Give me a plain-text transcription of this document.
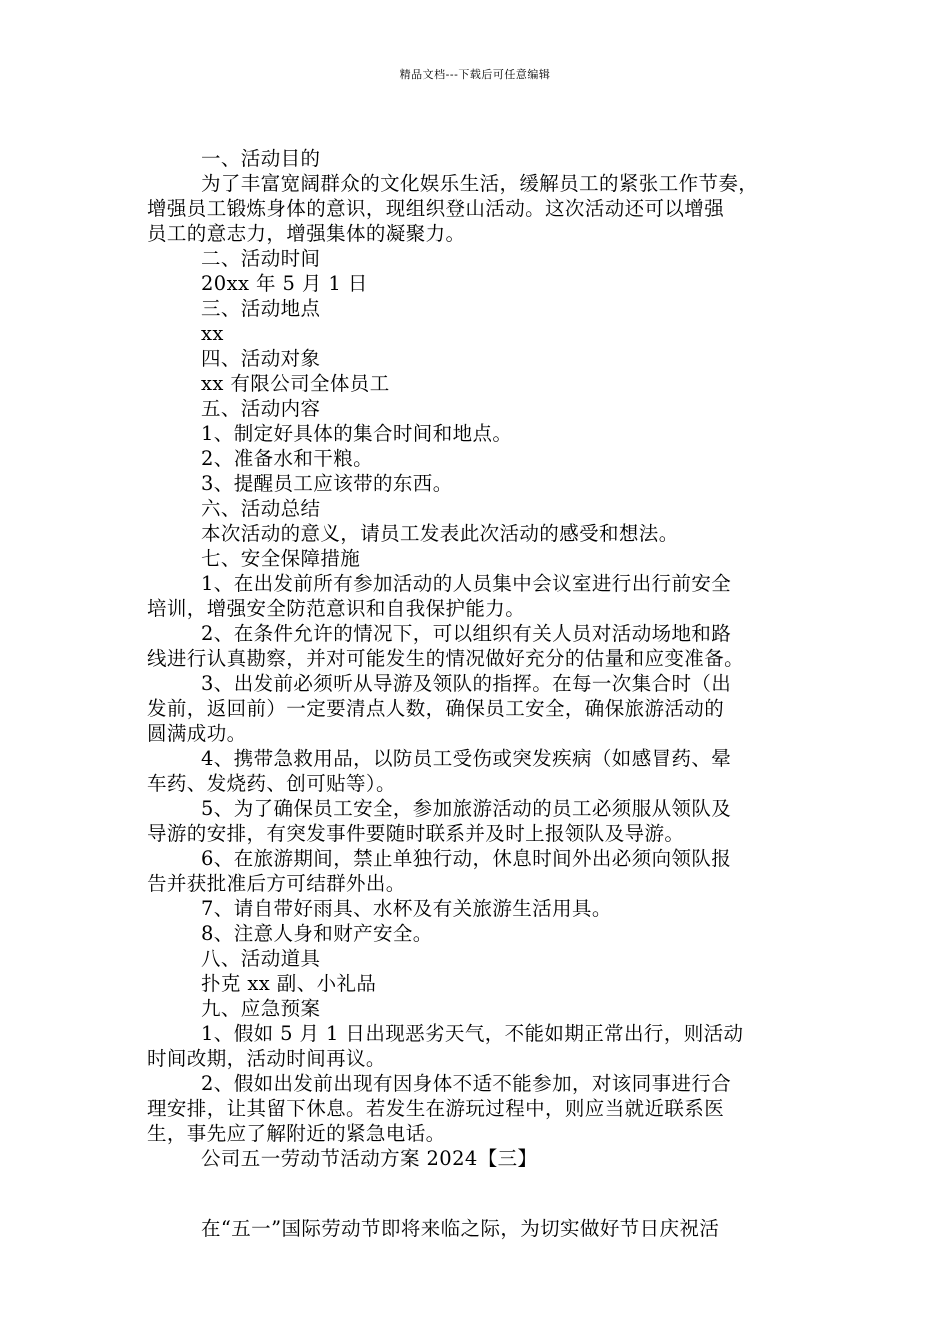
精品文档---下载后可任意编辑
一、活动目的
为了丰富宽阔群众的文化娱乐生活，缓解员工的紧张工作节奏，
增强员工锻炼身体的意识，现组织登山活动。这次活动还可以增强
员工的意志力，增强集体的凝聚力。
二、活动时间
20xx 年 5 月 1 日
三、活动地点
xx
四、活动对象
xx 有限公司全体员工
五、活动内容
1、制定好具体的集合时间和地点。
2、准备水和干粮。
3、提醒员工应该带的东西。
六、活动总结
本次活动的意义，请员工发表此次活动的感受和想法。
七、安全保障措施
1、在出发前所有参加活动的人员集中会议室进行出行前安全
培训，增强安全防范意识和自我保护能力。
2、在条件允许的情况下，可以组织有关人员对活动场地和路
线进行认真勘察，并对可能发生的情况做好充分的估量和应变准备。
3、出发前必须听从导游及领队的指挥。在每一次集合时（出
发前，返回前）一定要清点人数，确保员工安全，确保旅游活动的
圆满成功。
4、携带急救用品，以防员工受伤或突发疾病（如感冒药、晕
车药、发烧药、创可贴等）。
5、为了确保员工安全，参加旅游活动的员工必须服从领队及
导游的安排，有突发事件要随时联系并及时上报领队及导游。
6、在旅游期间，禁止单独行动，休息时间外出必须向领队报
告并获批准后方可结群外出。
7、请自带好雨具、水杯及有关旅游生活用具。
8、注意人身和财产安全。
八、活动道具
扑克 xx 副、小礼品
九、应急预案
1、假如 5 月 1 日出现恶劣天气，不能如期正常出行，则活动
时间改期，活动时间再议。
2、假如出发前出现有因身体不适不能参加，对该同事进行合
理安排，让其留下休息。若发生在游玩过程中，则应当就近联系医
生，事先应了解附近的紧急电话。
公司五一劳动节活动方案 2024【三】
在“五一”国际劳动节即将来临之际，为切实做好节日庆祝活
